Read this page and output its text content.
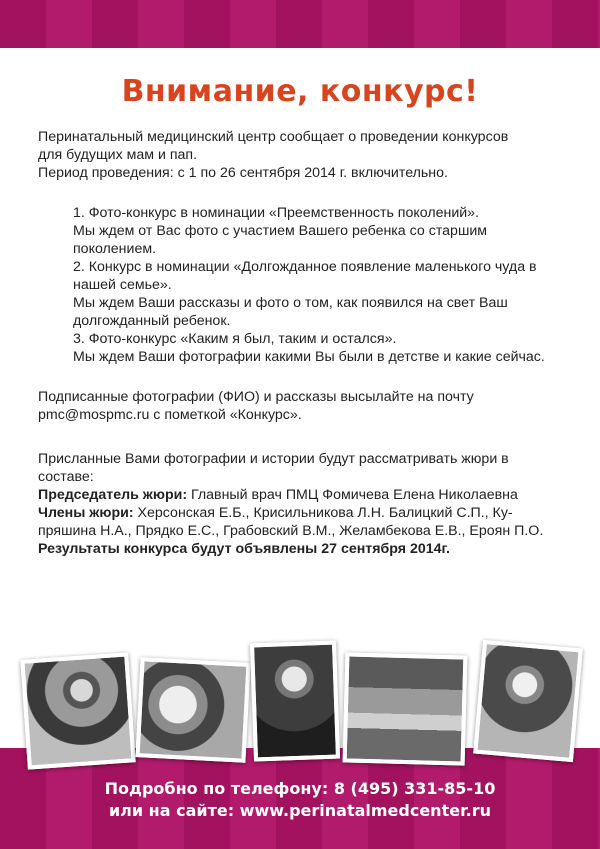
Внимание, конкурс!

Перинатальный медицинский центр сообщает о проведении конкурсов

для будущих мам и пап.

Период проведения: с 1 по 26 сентября 2014 г. включительно.

1. Фото-конкурс в номинации «Преемственность поколений».

Мы ждем от Вас фото с участием Вашего ребенка со старшим поколением.

2. Конкурс в номинации «Долгожданное появление маленького чуда в нашей семье».

Мы ждем Ваши рассказы и фото о том, как появился на свет Ваш долгожданный ребенок.

3. Фото-конкурс «Каким я был, таким и остался».

Мы ждем Ваши фотографии какими Вы были в детстве и какие сейчас.

Подписанные фотографии (ФИО) и рассказы высылайте на почту

pmc@mospmc.ru с пометкой «Конкурс».

Присланные Вами фотографии и истории будут рассматривать жюри в составе:

Председатель жюри: Главный врач ПМЦ Фомичева Елена Николаевна

Члены жюри: Херсонская Е.Б., Крисильникова Л.Н. Балицкий С.П., Ку-пряшина Н.А., Прядко Е.С., Грабовский В.М., Желамбекова Е.В., Ероян П.О.

Результаты конкурса будут объявлены 27 сентября 2014г.

Подробно по телефону: 8 (495) 331-85-10

или на сайте: www.perinatalmedcenter.ru
